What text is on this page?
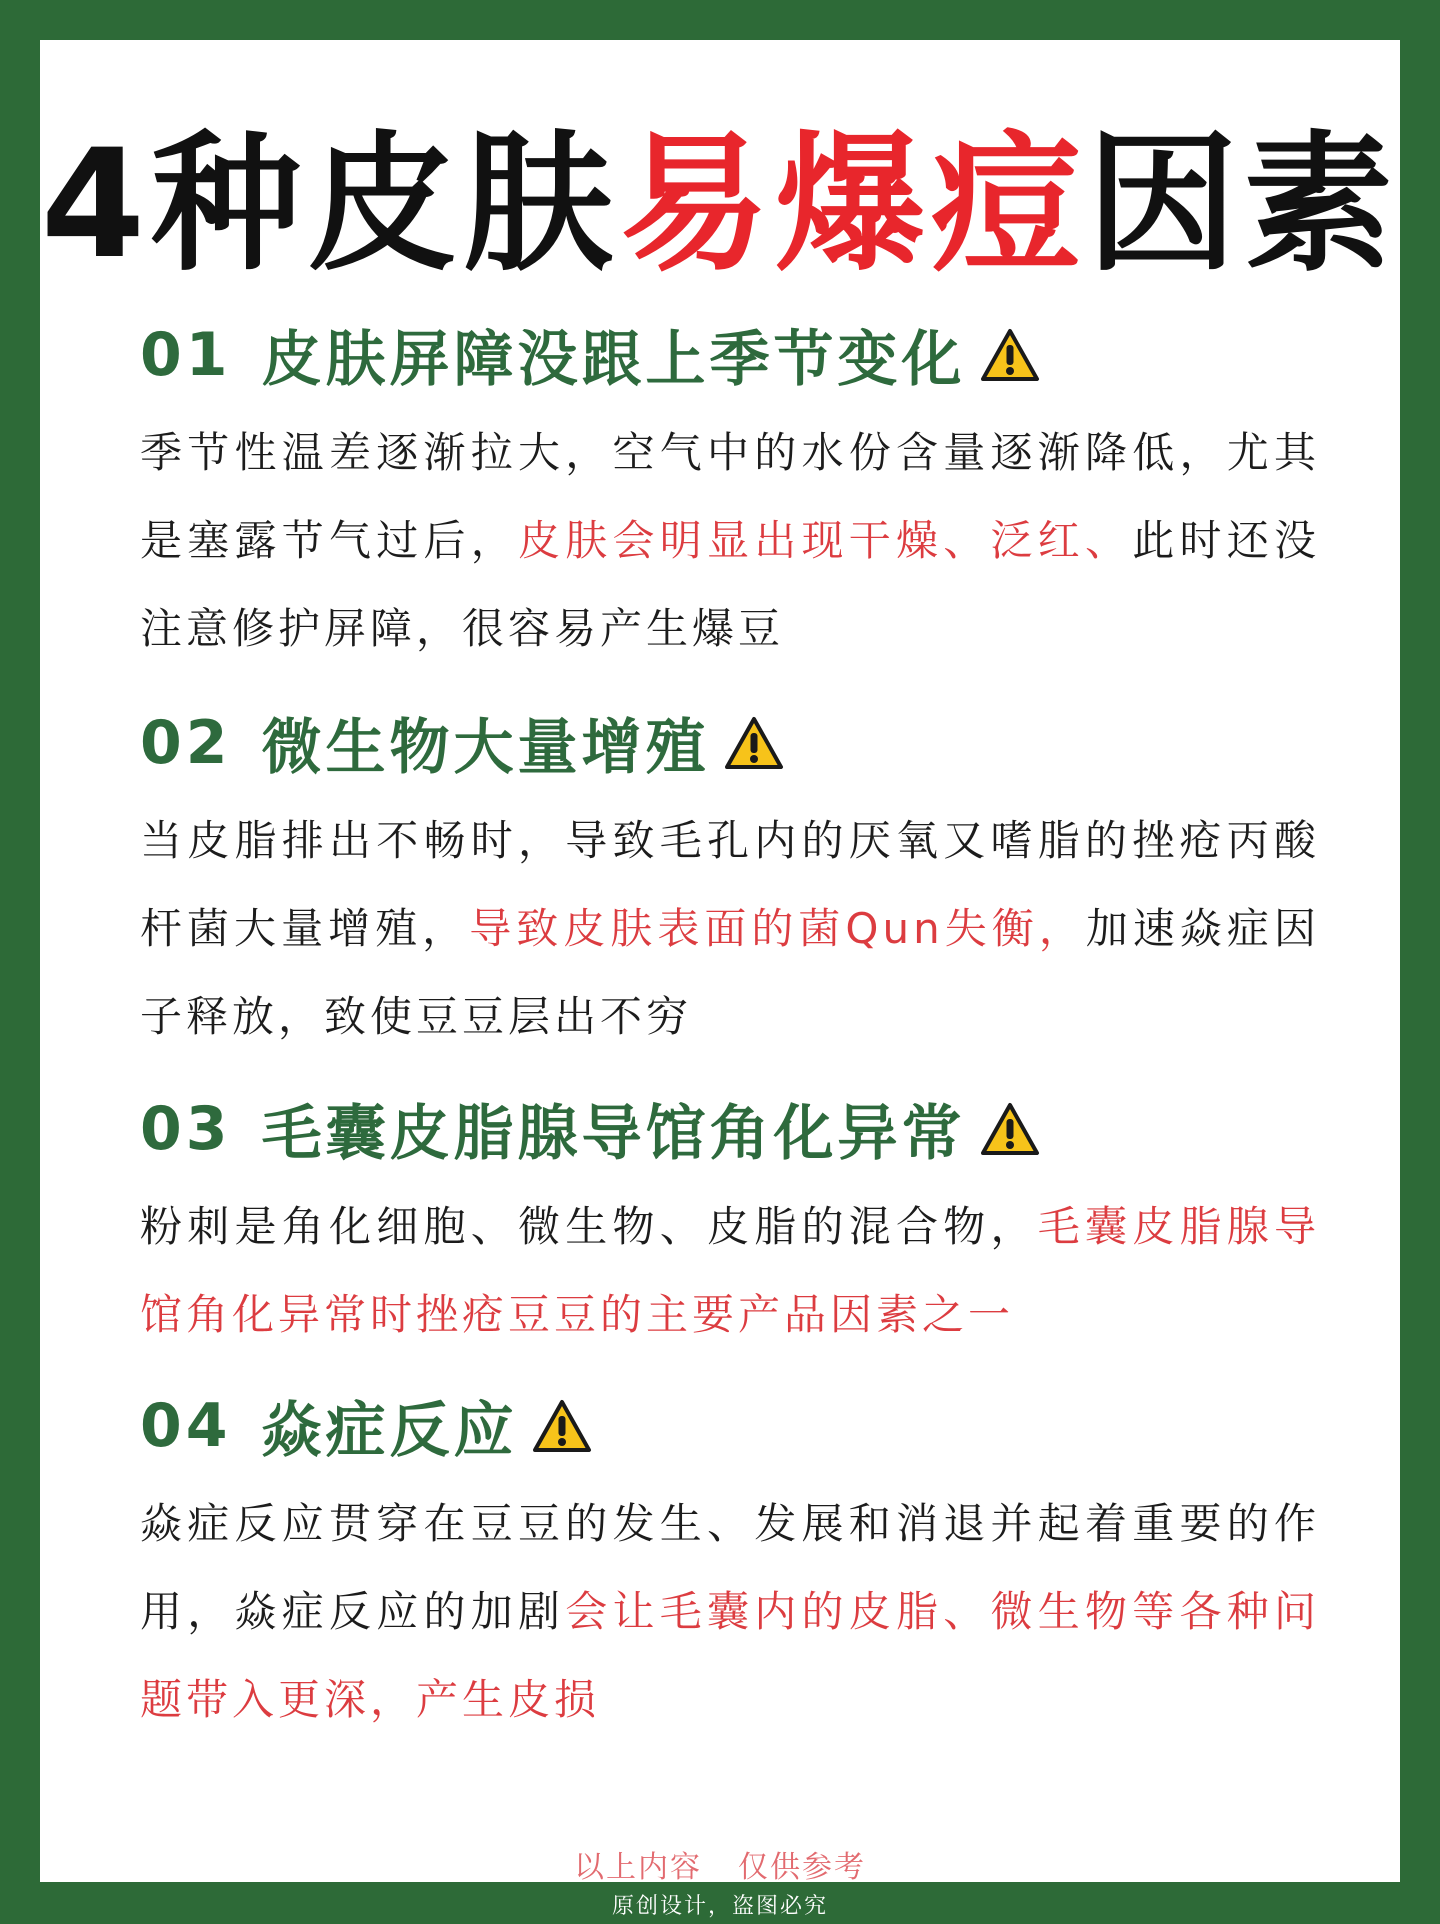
4种皮肤易爆痘因素
01 皮肤屏障没跟上季节变化
季节性温差逐渐拉大，空气中的水份含量逐渐降低，尤其是塞露节气过后，皮肤会明显出现干燥、泛红、此时还没注意修护屏障，很容易产生爆豆
02 微生物大量增殖
当皮脂排出不畅时，导致毛孔内的厌氧又嗜脂的挫疮丙酸杆菌大量增殖，导致皮肤表面的菌Qun失衡，加速焱症因子释放，致使豆豆层出不穷
03 毛囊皮脂腺导馆角化异常
粉刺是角化细胞、微生物、皮脂的混合物，毛囊皮脂腺导馆角化异常时挫疮豆豆的主要产品因素之一
04 焱症反应
焱症反应贯穿在豆豆的发生、发展和消退并起着重要的作用，焱症反应的加剧会让毛囊内的皮脂、微生物等各种问题带入更深，产生皮损
以上内容 仅供参考
原创设计，盗图必究
